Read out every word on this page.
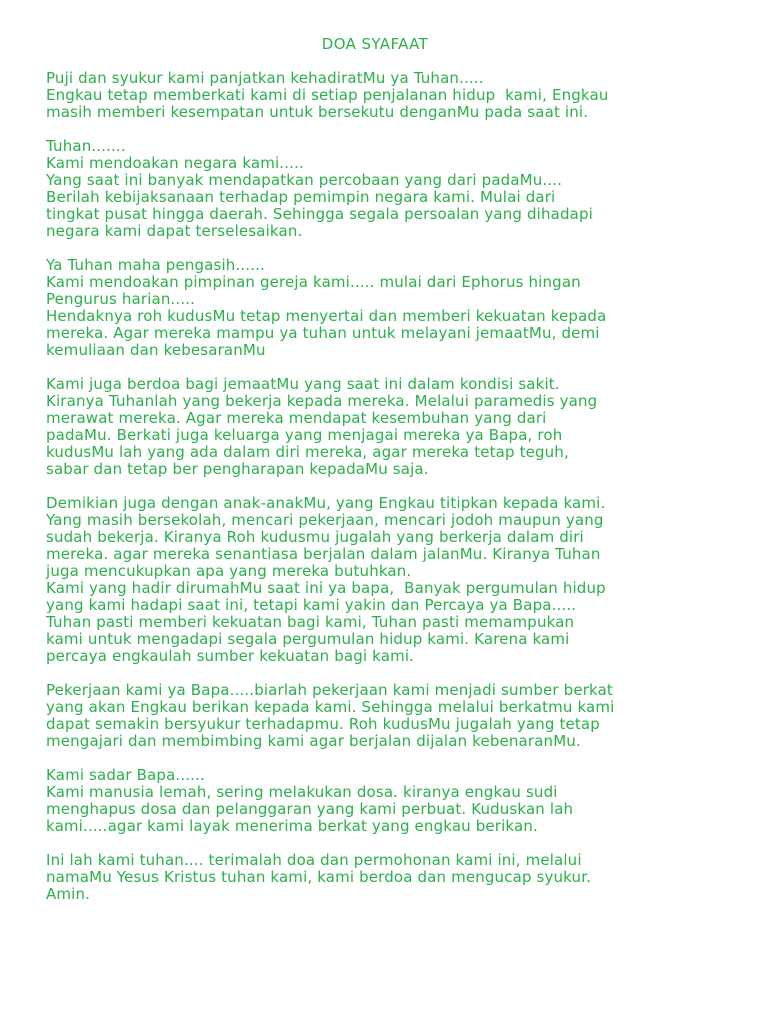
DOA SYAFAAT
Puji dan syukur kami panjatkan kehadiratMu ya Tuhan.....
Engkau tetap memberkati kami di setiap penjalanan hidup  kami, Engkau
masih memberi kesempatan untuk bersekutu denganMu pada saat ini.
Tuhan.......
Kami mendoakan negara kami.....
Yang saat ini banyak mendapatkan percobaan yang dari padaMu....
Berilah kebijaksanaan terhadap pemimpin negara kami. Mulai dari
tingkat pusat hingga daerah. Sehingga segala persoalan yang dihadapi
negara kami dapat terselesaikan.
Ya Tuhan maha pengasih......
Kami mendoakan pimpinan gereja kami..... mulai dari Ephorus hingan
Pengurus harian.....
Hendaknya roh kudusMu tetap menyertai dan memberi kekuatan kepada
mereka. Agar mereka mampu ya tuhan untuk melayani jemaatMu, demi
kemuliaan dan kebesaranMu
Kami juga berdoa bagi jemaatMu yang saat ini dalam kondisi sakit.
Kiranya Tuhanlah yang bekerja kepada mereka. Melalui paramedis yang
merawat mereka. Agar mereka mendapat kesembuhan yang dari
padaMu. Berkati juga keluarga yang menjagai mereka ya Bapa, roh
kudusMu lah yang ada dalam diri mereka, agar mereka tetap teguh,
sabar dan tetap ber pengharapan kepadaMu saja.
Demikian juga dengan anak-anakMu, yang Engkau titipkan kepada kami.
Yang masih bersekolah, mencari pekerjaan, mencari jodoh maupun yang
sudah bekerja. Kiranya Roh kudusmu jugalah yang berkerja dalam diri
mereka. agar mereka senantiasa berjalan dalam jalanMu. Kiranya Tuhan
juga mencukupkan apa yang mereka butuhkan.
Kami yang hadir dirumahMu saat ini ya bapa,  Banyak pergumulan hidup
yang kami hadapi saat ini, tetapi kami yakin dan Percaya ya Bapa.....
Tuhan pasti memberi kekuatan bagi kami, Tuhan pasti memampukan
kami untuk mengadapi segala pergumulan hidup kami. Karena kami
percaya engkaulah sumber kekuatan bagi kami.
Pekerjaan kami ya Bapa.....biarlah pekerjaan kami menjadi sumber berkat
yang akan Engkau berikan kepada kami. Sehingga melalui berkatmu kami
dapat semakin bersyukur terhadapmu. Roh kudusMu jugalah yang tetap
mengajari dan membimbing kami agar berjalan dijalan kebenaranMu.
Kami sadar Bapa......
Kami manusia lemah, sering melakukan dosa. kiranya engkau sudi
menghapus dosa dan pelanggaran yang kami perbuat. Kuduskan lah
kami.....agar kami layak menerima berkat yang engkau berikan.
Ini lah kami tuhan.... terimalah doa dan permohonan kami ini, melalui
namaMu Yesus Kristus tuhan kami, kami berdoa dan mengucap syukur.
Amin.
